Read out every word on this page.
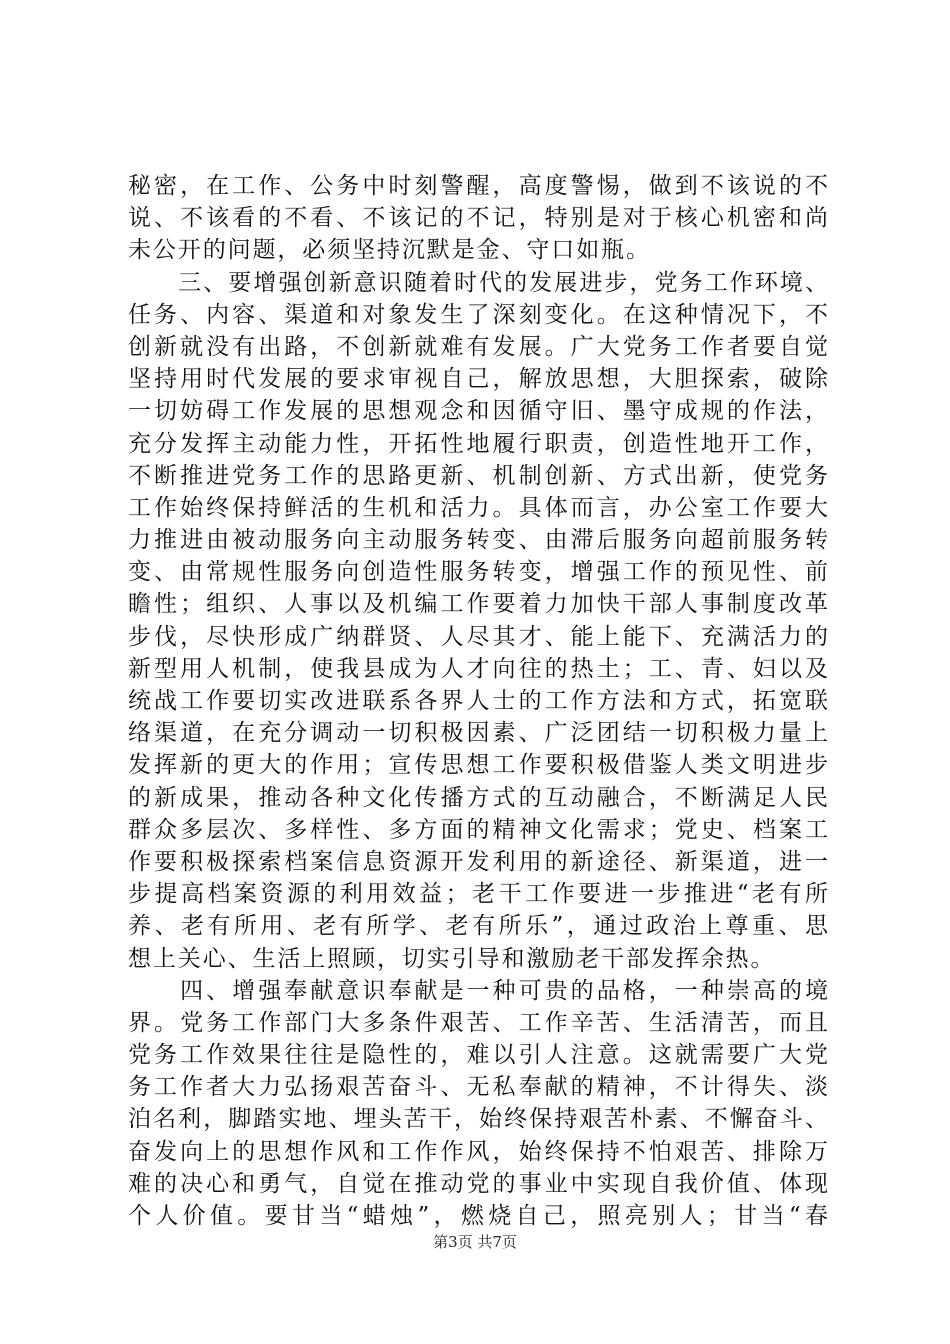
秘密，在工作、公务中时刻警醒，高度警惕，做到不该说的不
说、不该看的不看、不该记的不记，特别是对于核心机密和尚
未公开的问题，必须坚持沉默是金、守口如瓶。
　　三、要增强创新意识随着时代的发展进步，党务工作环境、
任务、内容、渠道和对象发生了深刻变化。在这种情况下，不
创新就没有出路，不创新就难有发展。广大党务工作者要自觉
坚持用时代发展的要求审视自己，解放思想，大胆探索，破除
一切妨碍工作发展的思想观念和因循守旧、墨守成规的作法，
充分发挥主动能力性，开拓性地履行职责，创造性地开工作，
不断推进党务工作的思路更新、机制创新、方式出新，使党务
工作始终保持鲜活的生机和活力。具体而言，办公室工作要大
力推进由被动服务向主动服务转变、由滞后服务向超前服务转
变、由常规性服务向创造性服务转变，增强工作的预见性、前
瞻性；组织、人事以及机编工作要着力加快干部人事制度改革
步伐，尽快形成广纳群贤、人尽其才、能上能下、充满活力的
新型用人机制，使我县成为人才向往的热土；工、青、妇以及
统战工作要切实改进联系各界人士的工作方法和方式，拓宽联
络渠道，在充分调动一切积极因素、广泛团结一切积极力量上
发挥新的更大的作用；宣传思想工作要积极借鉴人类文明进步
的新成果，推动各种文化传播方式的互动融合，不断满足人民
群众多层次、多样性、多方面的精神文化需求；党史、档案工
作要积极探索档案信息资源开发利用的新途径、新渠道，进一
步提高档案资源的利用效益；老干工作要进一步推进“老有所
养、老有所用、老有所学、老有所乐”，通过政治上尊重、思
想上关心、生活上照顾，切实引导和激励老干部发挥余热。
　　四、增强奉献意识奉献是一种可贵的品格，一种崇高的境
界。党务工作部门大多条件艰苦、工作辛苦、生活清苦，而且
党务工作效果往往是隐性的，难以引人注意。这就需要广大党
务工作者大力弘扬艰苦奋斗、无私奉献的精神，不计得失、淡
泊名利，脚踏实地、埋头苦干，始终保持艰苦朴素、不懈奋斗、
奋发向上的思想作风和工作作风，始终保持不怕艰苦、排除万
难的决心和勇气，自觉在推动党的事业中实现自我价值、体现
个人价值。要甘当“蜡烛”，燃烧自己，照亮别人；甘当“春
第3页 共7页
